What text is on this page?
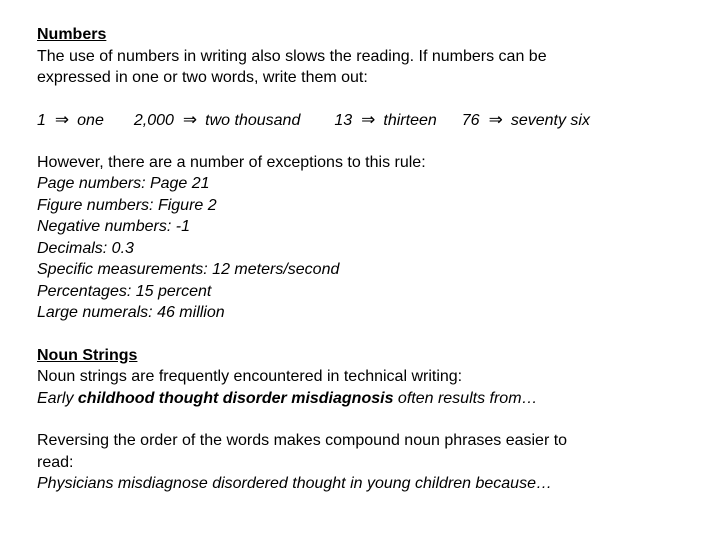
Numbers
The use of numbers in writing also slows the reading. If numbers can be
expressed in one or two words, write them out:
1 ⇒ one 2,000 ⇒ two thousand 13 ⇒ thirteen 76 ⇒ seventy six
However, there are a number of exceptions to this rule:
Page numbers: Page 21
Figure numbers: Figure 2
Negative numbers: -1
Decimals: 0.3
Specific measurements: 12 meters/second
Percentages: 15 percent
Large numerals: 46 million
Noun Strings
Noun strings are frequently encountered in technical writing:
Early childhood thought disorder misdiagnosis often results from…
Reversing the order of the words makes compound noun phrases easier to
read:
Physicians misdiagnose disordered thought in young children because…
